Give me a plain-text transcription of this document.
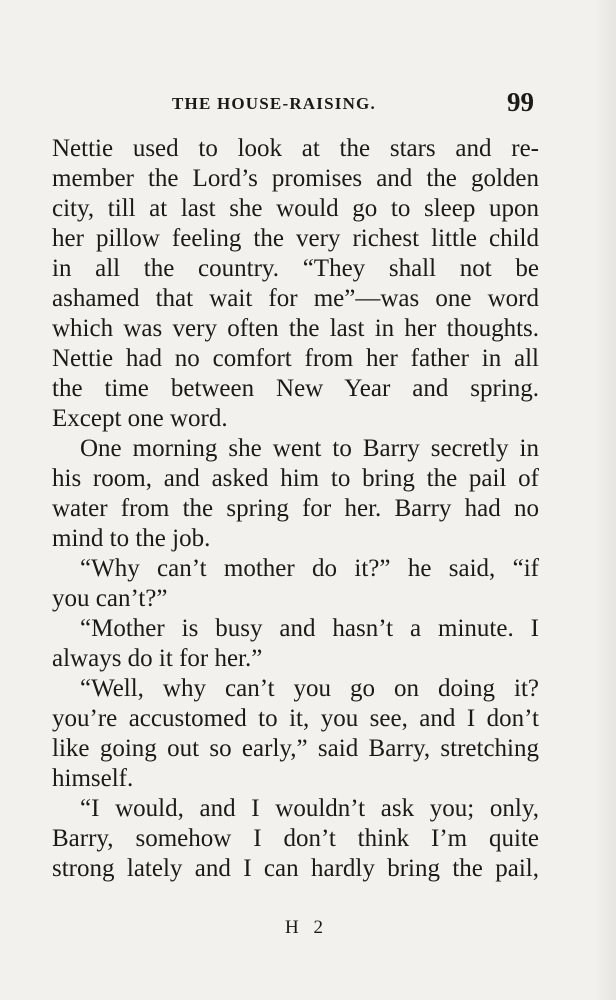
THE HOUSE-RAISING.	99
Nettie used to look at the stars and re-
member the Lord’s promises and the golden
city, till at last she would go to sleep upon
her pillow feeling the very richest little child
in all the country. “They shall not be
ashamed that wait for me”—was one word
which was very often the last in her thoughts.
Nettie had no comfort from her father in all
the time between New Year and spring.
Except one word.
One morning she went to Barry secretly in
his room, and asked him to bring the pail of
water from the spring for her. Barry had no
mind to the job.
“Why can’t mother do it?” he said, “if
you can’t?”
“Mother is busy and hasn’t a minute. I
always do it for her.”
“Well, why can’t you go on doing it?
you’re accustomed to it, you see, and I don’t
like going out so early,” said Barry, stretching
himself.
“I would, and I wouldn’t ask you; only,
Barry, somehow I don’t think I’m quite
strong lately and I can hardly bring the pail,
H 2
